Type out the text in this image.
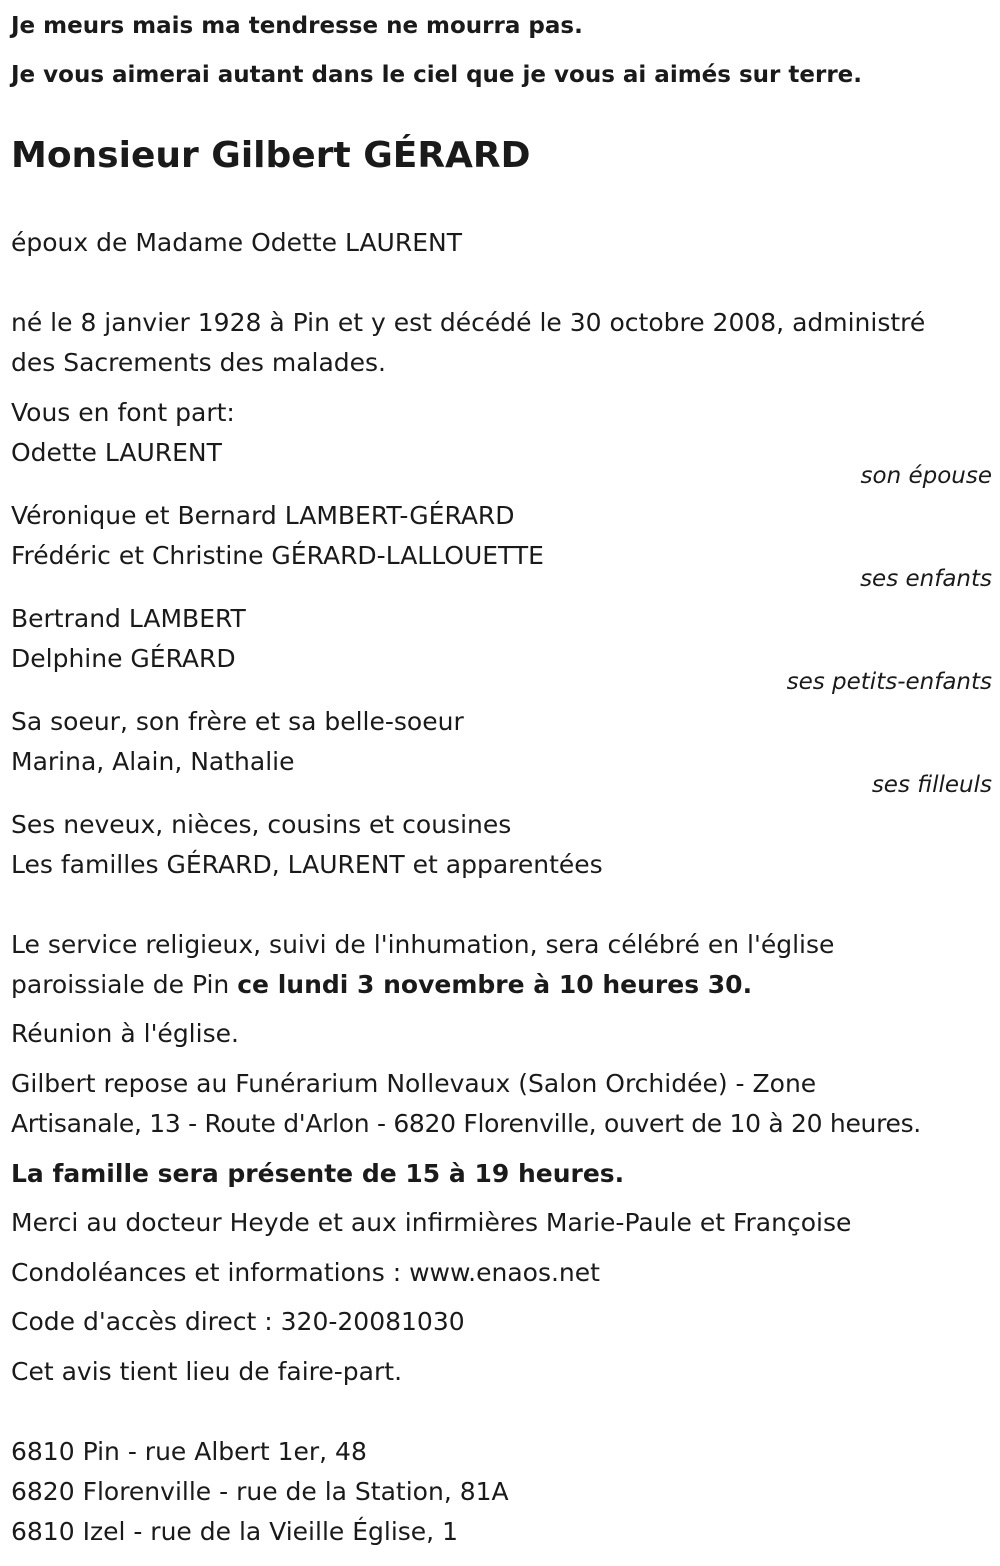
Je meurs mais ma tendresse ne mourra pas.
Je vous aimerai autant dans le ciel que je vous ai aimés sur terre.
Monsieur Gilbert GÉRARD
époux de Madame Odette LAURENT
né le 8 janvier 1928 à Pin et y est décédé le 30 octobre 2008, administré
des Sacrements des malades.
Vous en font part:
Odette LAURENT
son épouse
Véronique et Bernard LAMBERT-GÉRARD
Frédéric et Christine GÉRARD-LALLOUETTE
ses enfants
Bertrand LAMBERT
Delphine GÉRARD
ses petits-enfants
Sa soeur, son frère et sa belle-soeur
Marina, Alain, Nathalie
ses filleuls
Ses neveux, nièces, cousins et cousines
Les familles GÉRARD, LAURENT et apparentées
Le service religieux, suivi de l'inhumation, sera célébré en l'église
paroissiale de Pin ce lundi 3 novembre à 10 heures 30.
Réunion à l'église.
Gilbert repose au Funérarium Nollevaux (Salon Orchidée) - Zone
Artisanale, 13 - Route d'Arlon - 6820 Florenville, ouvert de 10 à 20 heures.
La famille sera présente de 15 à 19 heures.
Merci au docteur Heyde et aux infirmières Marie-Paule et Françoise
Condoléances et informations : www.enaos.net
Code d'accès direct : 320-20081030
Cet avis tient lieu de faire-part.
6810 Pin - rue Albert 1er, 48
6820 Florenville - rue de la Station, 81A
6810 Izel - rue de la Vieille Église, 1
